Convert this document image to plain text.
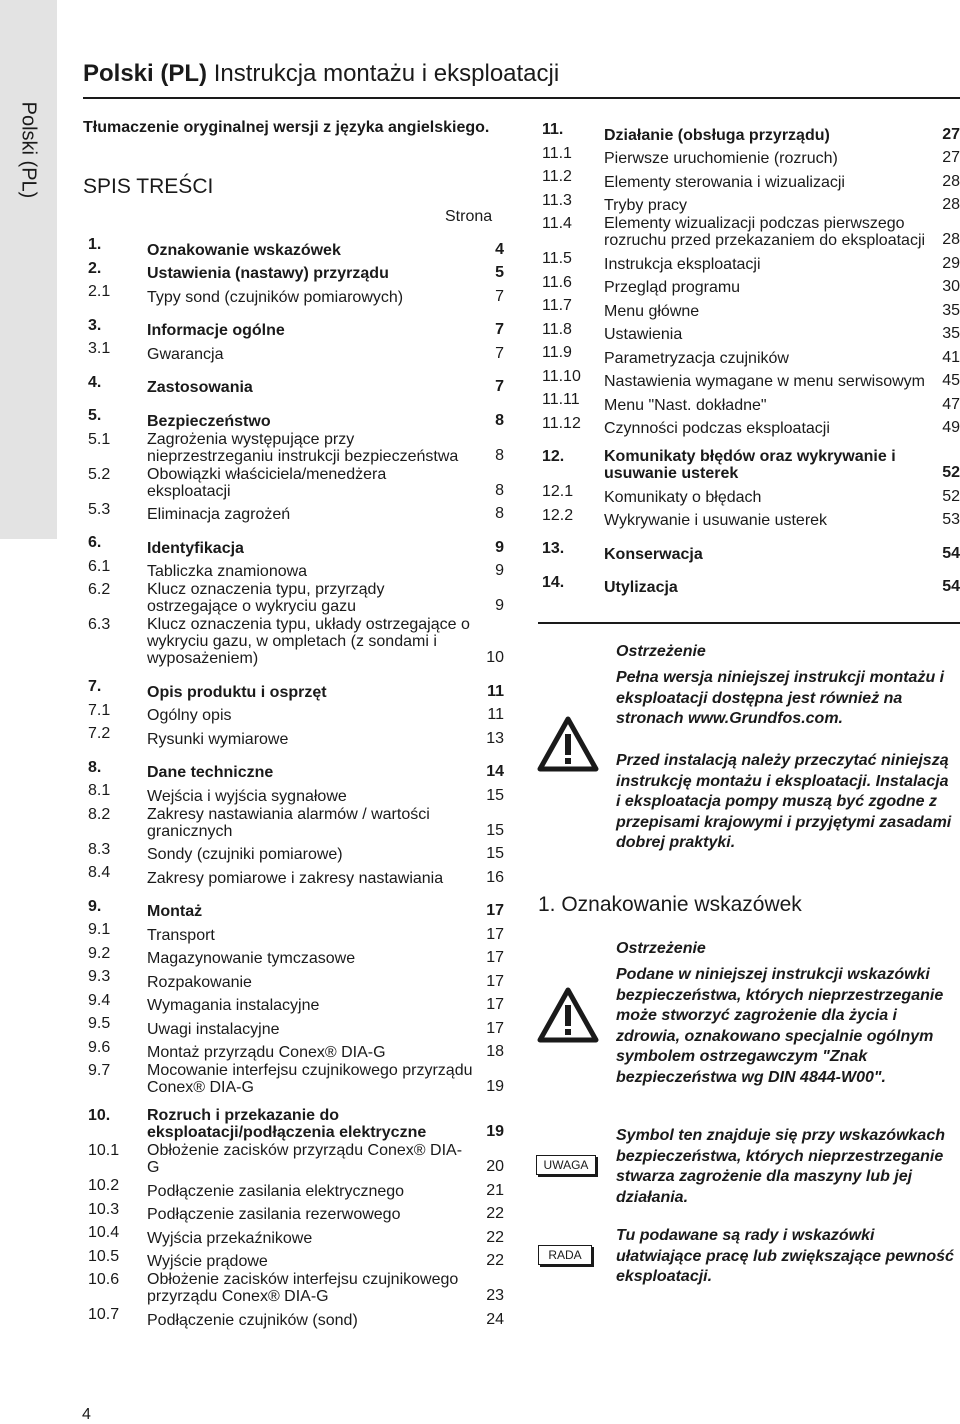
Polski (PL)
Polski (PL) Instrukcja montażu i eksploatacji
Tłumaczenie oryginalnej wersji z języka angielskiego.
SPIS TREŚCI
Strona
1.	Oznakowanie wskazówek	4
2.	Ustawienia (nastawy) przyrządu	5
2.1	Typy sond (czujników pomiarowych)	7
3.	Informacje ogólne	7
3.1	Gwarancja	7
4.	Zastosowania	7
5.	Bezpieczeństwo	8
5.1	Zagrożenia występujące przy nieprzestrzeganiu instrukcji bezpieczeństwa	8
5.2	Obowiązki właściciela/menedżera eksploatacji	8
5.3	Eliminacja zagrożeń	8
6.	Identyfikacja	9
6.1	Tabliczka znamionowa	9
6.2	Klucz oznaczenia typu, przyrządy ostrzegające o wykryciu gazu	9
6.3	Klucz oznaczenia typu, układy ostrzegające o wykryciu gazu, w ompletach (z sondami i wyposażeniem)	10
7.	Opis produktu i osprzęt	11
7.1	Ogólny opis	11
7.2	Rysunki wymiarowe	13
8.	Dane techniczne	14
8.1	Wejścia i wyjścia sygnałowe	15
8.2	Zakresy nastawiania alarmów / wartości granicznych	15
8.3	Sondy (czujniki pomiarowe)	15
8.4	Zakresy pomiarowe i zakresy nastawiania	16
9.	Montaż	17
9.1	Transport	17
9.2	Magazynowanie tymczasowe	17
9.3	Rozpakowanie	17
9.4	Wymagania instalacyjne	17
9.5	Uwagi instalacyjne	17
9.6	Montaż przyrządu Conex® DIA-G	18
9.7	Mocowanie interfejsu czujnikowego przyrządu Conex® DIA-G	19
10.	Rozruch i przekazanie do eksploatacji/podłączenia elektryczne	19
10.1	Obłożenie zacisków przyrządu Conex® DIA-G	20
10.2	Podłączenie zasilania elektrycznego	21
10.3	Podłączenie zasilania rezerwowego	22
10.4	Wyjścia przekaźnikowe	22
10.5	Wyjście prądowe	22
10.6	Obłożenie zacisków interfejsu czujnikowego przyrządu Conex® DIA-G	23
10.7	Podłączenie czujników (sond)	24
11.	Działanie (obsługa przyrządu)	27
11.1	Pierwsze uruchomienie (rozruch)	27
11.2	Elementy sterowania i wizualizacji	28
11.3	Tryby pracy	28
11.4	Elementy wizualizacji podczas pierwszego rozruchu przed przekazaniem do eksploatacji	28
11.5	Instrukcja eksploatacji	29
11.6	Przegląd programu	30
11.7	Menu główne	35
11.8	Ustawienia	35
11.9	Parametryzacja czujników	41
11.10	Nastawienia wymagane w menu serwisowym	45
11.11	Menu "Nast. dokładne"	47
11.12	Czynności podczas eksploatacji	49
12.	Komunikaty błędów oraz wykrywanie i usuwanie usterek	52
12.1	Komunikaty o błędach	52
12.2	Wykrywanie i usuwanie usterek	53
13.	Konserwacja	54
14.	Utylizacja	54
Ostrzeżenie
Pełna wersja niniejszej instrukcji montażu i eksploatacji dostępna jest również na stronach www.Grundfos.com.
Przed instalacją należy przeczytać niniejszą instrukcję montażu i eksploatacji. Instalacja i eksploatacja pompy muszą być zgodne z przepisami krajowymi i przyjętymi zasadami dobrej praktyki.
1. Oznakowanie wskazówek
Ostrzeżenie
Podane w niniejszej instrukcji wskazówki bezpieczeństwa, których nieprzestrzeganie może stworzyć zagrożenie dla życia i zdrowia, oznakowano specjalnie ogólnym symbolem ostrzegawczym "Znak bezpieczeństwa wg DIN 4844-W00".
UWAGA
Symbol ten znajduje się przy wskazówkach bezpieczeństwa, których nieprzestrzeganie stwarza zagrożenie dla maszyny lub jej działania.
RADA
Tu podawane są rady i wskazówki ułatwiające pracę lub zwiększające pewność eksploatacji.
4
